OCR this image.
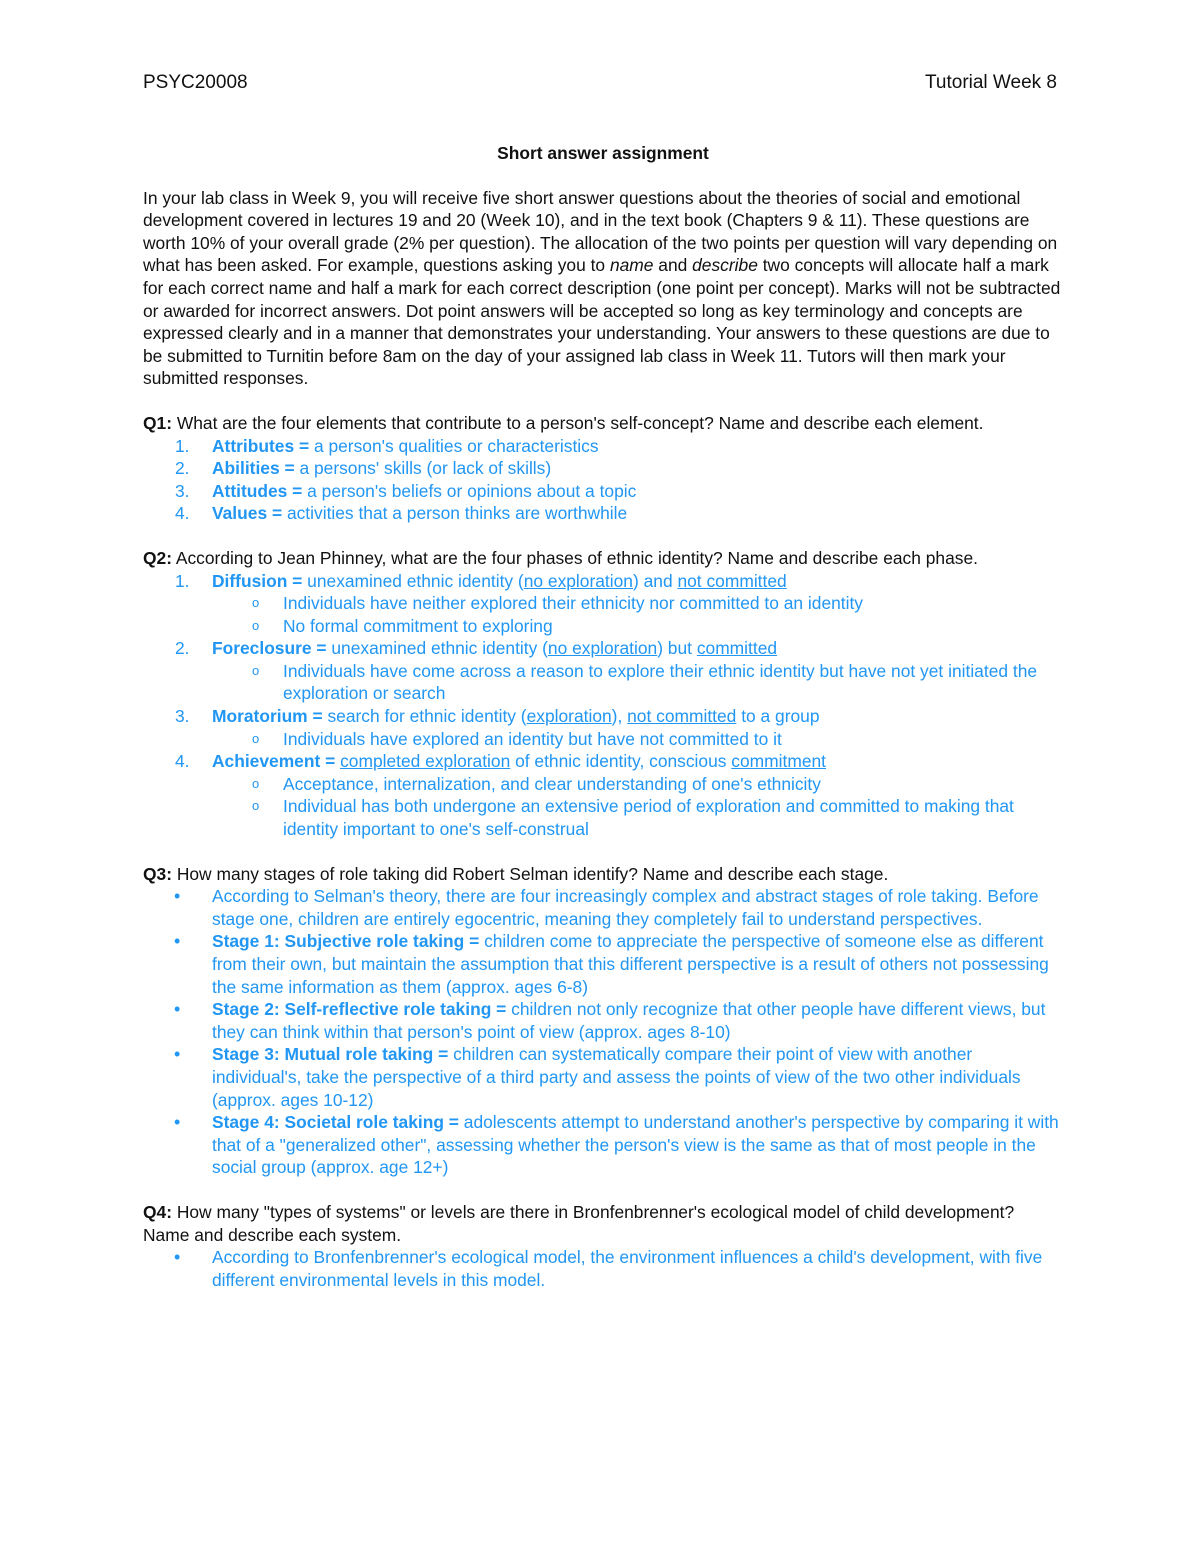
PSYC20008	Tutorial Week 8
Short answer assignment
In your lab class in Week 9, you will receive five short answer questions about the theories of social and emotional development covered in lectures 19 and 20 (Week 10), and in the text book (Chapters 9 & 11). These questions are worth 10% of your overall grade (2% per question). The allocation of the two points per question will vary depending on what has been asked. For example, questions asking you to name and describe two concepts will allocate half a mark for each correct name and half a mark for each correct description (one point per concept). Marks will not be subtracted or awarded for incorrect answers. Dot point answers will be accepted so long as key terminology and concepts are expressed clearly and in a manner that demonstrates your understanding. Your answers to these questions are due to be submitted to Turnitin before 8am on the day of your assigned lab class in Week 11. Tutors will then mark your submitted responses.
Q1: What are the four elements that contribute to a person's self-concept? Name and describe each element.
1. Attributes = a person's qualities or characteristics
2. Abilities = a persons' skills (or lack of skills)
3. Attitudes = a person's beliefs or opinions about a topic
4. Values = activities that a person thinks are worthwhile
Q2: According to Jean Phinney, what are the four phases of ethnic identity? Name and describe each phase.
1. Diffusion = unexamined ethnic identity (no exploration) and not committed
o Individuals have neither explored their ethnicity nor committed to an identity
o No formal commitment to exploring
2. Foreclosure = unexamined ethnic identity (no exploration) but committed
o Individuals have come across a reason to explore their ethnic identity but have not yet initiated the exploration or search
3. Moratorium = search for ethnic identity (exploration), not committed to a group
o Individuals have explored an identity but have not committed to it
4. Achievement = completed exploration of ethnic identity, conscious commitment
o Acceptance, internalization, and clear understanding of one's ethnicity
o Individual has both undergone an extensive period of exploration and committed to making that identity important to one's self-construal
Q3: How many stages of role taking did Robert Selman identify? Name and describe each stage.
• According to Selman's theory, there are four increasingly complex and abstract stages of role taking. Before stage one, children are entirely egocentric, meaning they completely fail to understand perspectives.
• Stage 1: Subjective role taking = children come to appreciate the perspective of someone else as different from their own, but maintain the assumption that this different perspective is a result of others not possessing the same information as them (approx. ages 6-8)
• Stage 2: Self-reflective role taking = children not only recognize that other people have different views, but they can think within that person's point of view (approx. ages 8-10)
• Stage 3: Mutual role taking = children can systematically compare their point of view with another individual's, take the perspective of a third party and assess the points of view of the two other individuals (approx. ages 10-12)
• Stage 4: Societal role taking = adolescents attempt to understand another's perspective by comparing it with that of a "generalized other", assessing whether the person's view is the same as that of most people in the social group (approx. age 12+)
Q4: How many "types of systems" or levels are there in Bronfenbrenner's ecological model of child development? Name and describe each system.
• According to Bronfenbrenner's ecological model, the environment influences a child's development, with five different environmental levels in this model.
